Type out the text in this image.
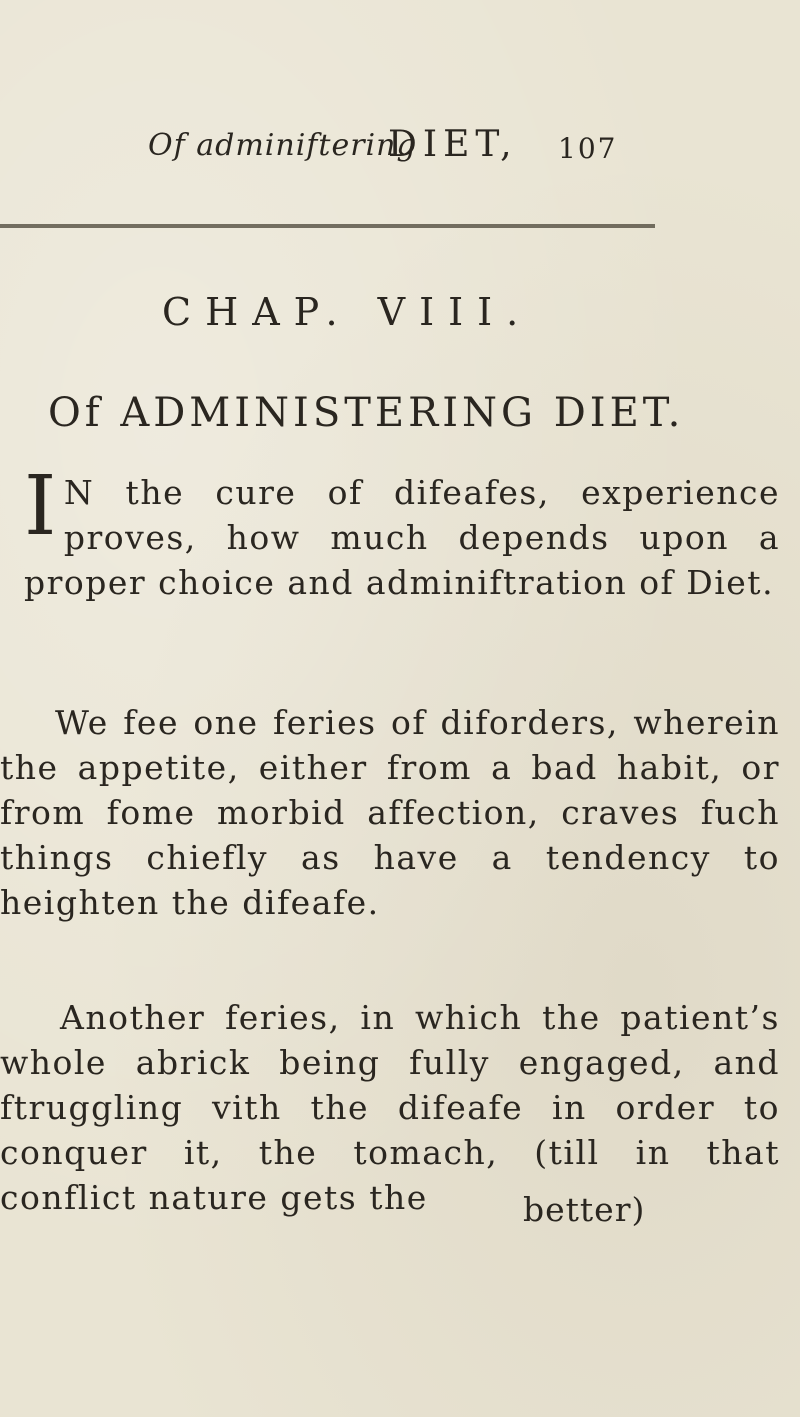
Of adminiftering
DIET, 107
CHAP. VIII.
Of ADMINISTERING DIET.
I N the cure of difeafes, experience proves, how much depends upon a proper choice and adminiftration of Diet.
We fee one feries of diforders, wherein the appetite, either from a bad habit, or from fome morbid affection, craves fuch things chiefly as have a tendency to heighten the difeafe.
Another feries, in which the patient’s whole abrick being fully engaged, and ftruggling vith the difeafe in order to conquer it, the tomach, (till in that conflict nature gets the	better)
